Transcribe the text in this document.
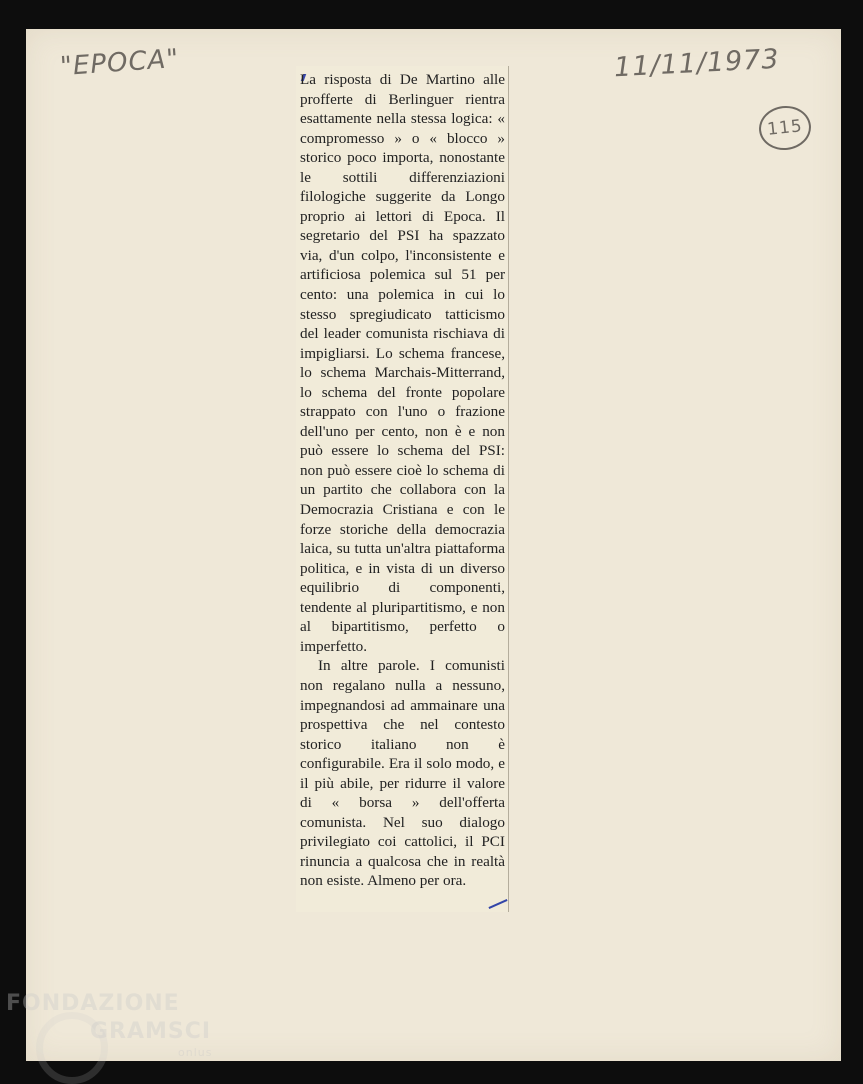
"EPOCA"	11/11/1973
115

La risposta di De Martino alle profferte di Berlinguer rientra esattamente nella stessa logica: « compromesso » o « blocco » storico poco importa, nonostante le sottili differenziazioni filologiche suggerite da Longo proprio ai lettori di Epoca. Il segretario del PSI ha spazzato via, d'un colpo, l'inconsistente e artificiosa polemica sul 51 per cento: una polemica in cui lo stesso spregiudicato tatticismo del leader comunista rischiava di impigliarsi. Lo schema francese, lo schema Marchais-Mitterrand, lo schema del fronte popolare strappato con l'uno o frazione dell'uno per cento, non è e non può essere lo schema del PSI: non può essere cioè lo schema di un partito che collabora con la Democrazia Cristiana e con le forze storiche della democrazia laica, su tutta un'altra piattaforma politica, e in vista di un diverso equilibrio di componenti, tendente al pluripartitismo, e non al bipartitismo, perfetto o imperfetto.

In altre parole. I comunisti non regalano nulla a nessuno, impegnandosi ad ammainare una prospettiva che nel contesto storico italiano non è configurabile. Era il solo modo, e il più abile, per ridurre il valore di « borsa » dell'offerta comunista. Nel suo dialogo privilegiato coi cattolici, il PCI rinuncia a qualcosa che in realtà non esiste. Almeno per ora.

FONDAZIONE
GRAMSCI
onlus
